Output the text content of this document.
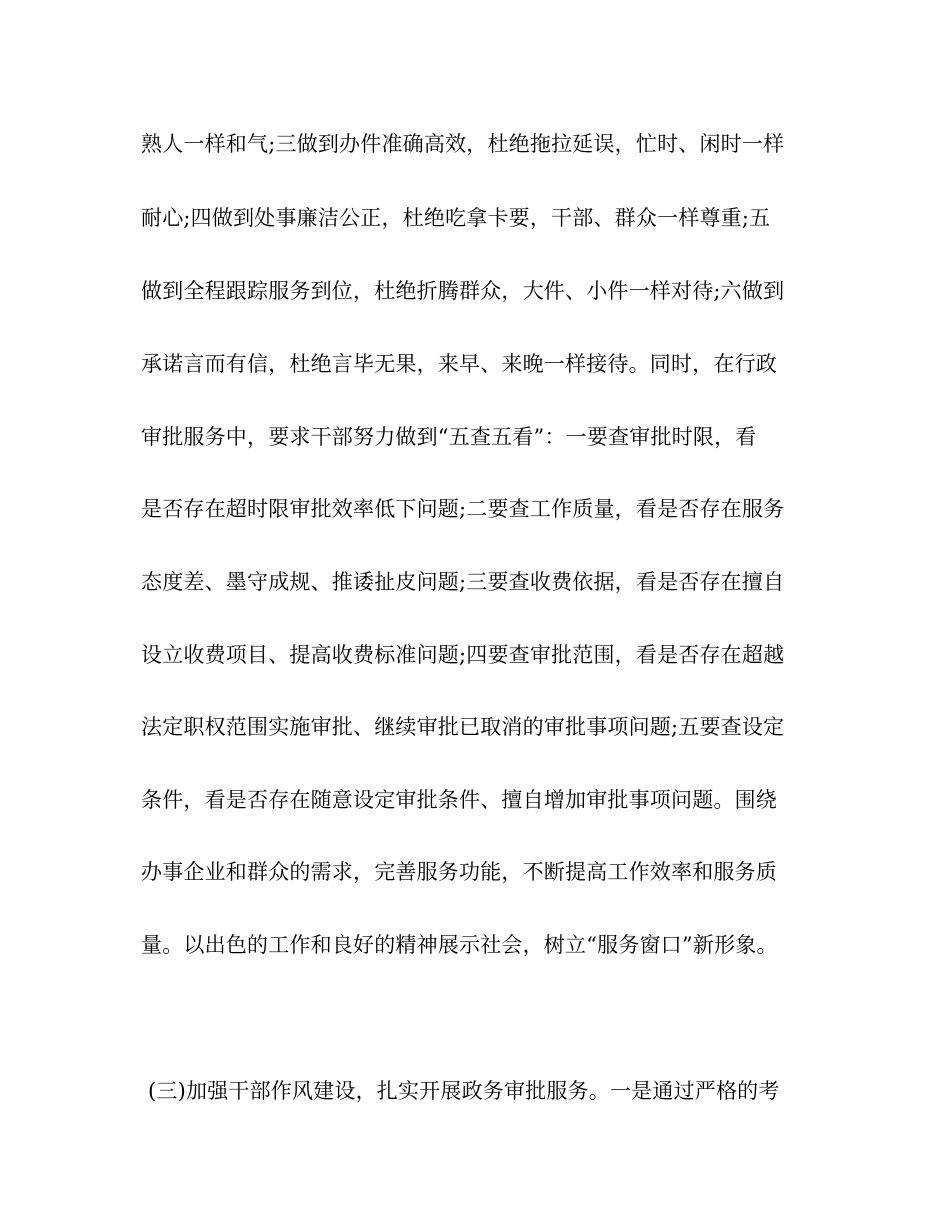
熟人一样和气;三做到办件准确高效，杜绝拖拉延误，忙时、闲时一样
耐心;四做到处事廉洁公正，杜绝吃拿卡要，干部、群众一样尊重;五
做到全程跟踪服务到位，杜绝折腾群众，大件、小件一样对待;六做到
承诺言而有信，杜绝言毕无果，来早、来晚一样接待。同时，在行政
审批服务中，要求干部努力做到“五查五看”：一要查审批时限，看
是否存在超时限审批效率低下问题;二要查工作质量，看是否存在服务
态度差、墨守成规、推诿扯皮问题;三要查收费依据，看是否存在擅自
设立收费项目、提高收费标准问题;四要查审批范围，看是否存在超越
法定职权范围实施审批、继续审批已取消的审批事项问题;五要查设定
条件，看是否存在随意设定审批条件、擅自增加审批事项问题。围绕
办事企业和群众的需求，完善服务功能，不断提高工作效率和服务质
量。以出色的工作和良好的精神展示社会，树立“服务窗口”新形象。
(三)加强干部作风建设，扎实开展政务审批服务。一是通过严格的考
